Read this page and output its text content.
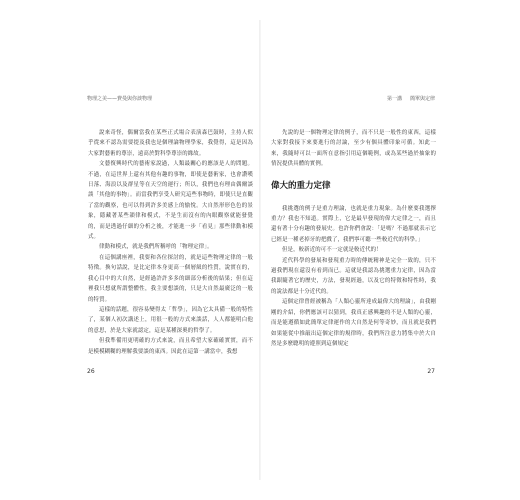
物理之美——費曼與你談物理

說來奇怪，偶爾當我在某些正式場合表演森巴鼓時，主持人似乎從來不認為需要提及我也是個理論物理學家，我覺得，這是因為大家對藝術的尊崇，遠高於對科學尊崇的緣故。

文藝復興時代的藝術家說過，人類最關心的應該是人的問題。不過，在這世界上還有其他有趣的事物，即使是藝術家，也會讚嘆日落、海浪以及群星等在天空的運行；所以，我們也有理由偶爾談談「其他的事物」。而當我們享受人研究這些事物時，即使只是直觀了當的觀察，也可以得到許多美感上的愉悅。大自然形形色色的景象，隱藏著某些韻律和模式，不是生而沒有的內眼觀察就能發覺的，而是透過仔細的分析之後，才能進一步「看見」那些律動和模式。

律動和模式，就是我們所稱呼的「物理定律」。

在這個講座裡，我要和各位探討的，就是這些物理定律的一般特徵。換句話說，是比定律本身更高一個層級的性質，說實在的，我心目中的大自然，是經過許許多多的細部分析後的結果；但在這裡我只想就所謂整體性，我主要想談的，只是大自然最廣泛的一般的特質。

這樣的話題，很容易變得太「哲學」，因為它太具備一般的特性了，某個人初次講述上，用很一般的方式來談話，人人都能明白他的意思，於是大家就認定，這是某種深奧的哲學了。

但我準備用更明確的方式來說，而且希望大家確確實實，而不是模模糊糊的理解我要談的東西。因此在這第一講當中，我想

26
第一講 簡單與定律

先說的是一個物理定律的例子，而不只是一般性的東西，這樣大家對我接下來要進行的討論，至少有個具體印象可循。知此一來，我隨時可以一面所在意指引用這個範例，或為某些過於抽象的情況提供具體的實例。

偉大的重力定律

我挑選的例子是重力理論，也就是重力現象。為什麼要我選擇重力？我也不知道。實際上，它是最早發現的偉大定律之一，而且還有著十分有趣的發展史。也許你們會說：「是嗎？不過那就表示它已經是一種老掉牙的把戲了，我們寧可聽一些較近代的科學。」

但是，較新近的可不一定就是較近代的！

近代科學的發展和發現重力時的傳統精神是完全一致的，只不過我們現在還沒有看到而已。這就是我認為挑選重力定律，因為當我跟隨著它的歷史，方法，發現經過，以及它的特徵和特性時，我的說法都是十分近代的。

這個定律曾經被稱為「人類心靈所達成最偉大的理論」，由我剛剛的介紹，你們應該可以猜到，我真正感興趣的不是人類的心靈，而是能遵循如此簡單定律運作的大自然是何等奇妙，而且就是我們如果能從中推敲出這個定律的規律時，我們所注意力將集中於大自然是多麼聰明的遵照到這個規定

27
